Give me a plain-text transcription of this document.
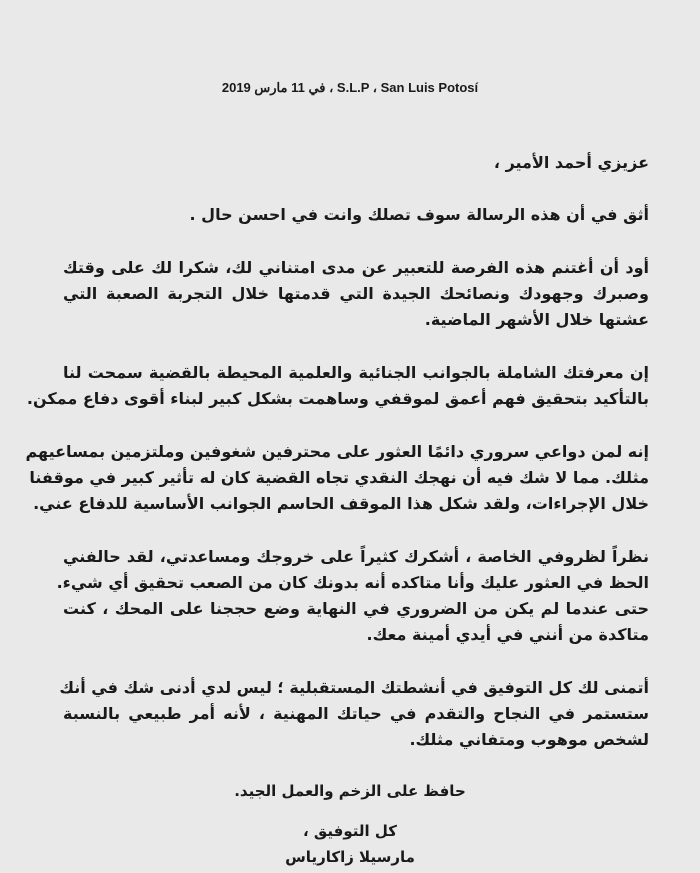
S.L.P ، San Luis Potosí ، في 11 مارس 2019
عزيزي أحمد الأمير ،
أثق في أن هذه الرسالة سوف تصلك وانت في احسن حال .
أود أن أغتنم هذه الفرصة للتعبير عن مدى امتناني لك، شكرا لك على وقتك
وصبرك وجهودك ونصائحك الجيدة التي قدمتها خلال التجربة الصعبة التي
عشتها خلال الأشهر الماضية.
إن معرفتك الشاملة بالجوانب الجنائية والعلمية المحيطة بالقضية سمحت لنا
بالتأكيد بتحقيق فهم أعمق لموقفي وساهمت بشكل كبير لبناء أقوى دفاع ممكن.
إنه لمن دواعي سروري دائمًا العثور على محترفين شغوفين وملتزمين بمساعيهم
مثلك. مما لا شك فيه أن نهجك النقدي تجاه القضية كان له تأثير كبير في موقفنا
خلال الإجراءات، ولقد شكل هذا الموقف الحاسم الجوانب الأساسية للدفاع عني.
نظراً لظروفي الخاصة ، أشكرك كثيراً على خروجك ومساعدتي، لقد حالفني
الحظ في العثور عليك وأنا متاكده أنه بدونك كان من الصعب تحقيق أي شيء.
حتى عندما لم يكن من الضروري في النهاية وضع حججنا على المحك ، كنت
متاكدة من أنني في أيدي أمينة معك.
أتمنى لك كل التوفيق في أنشطتك المستقبلية ؛ ليس لدي أدنى شك في أنك
ستستمر في النجاح والتقدم في حياتك المهنية ، لأنه أمر طبيعي بالنسبة
لشخص موهوب ومتفاني مثلك.
حافظ على الزخم والعمل الجيد.
كل التوفيق ،
مارسيلا زاكارياس
